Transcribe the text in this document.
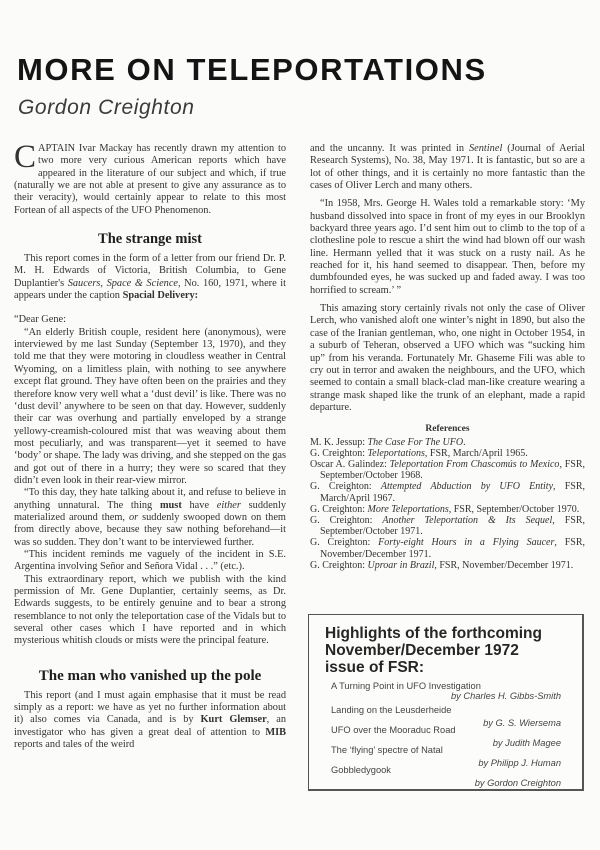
MORE ON TELEPORTATIONS
Gordon Creighton

CAPTAIN Ivar Mackay has recently drawn my attention to two more very curious American reports which have appeared in the literature of our subject and which, if true (naturally we are not able at present to give any assurance as to their veracity), would certainly appear to relate to this most Fortean of all aspects of the UFO Phenomenon.

The strange mist

This report comes in the form of a letter from our friend Dr. P. M. H. Edwards of Victoria, British Columbia, to Gene Duplantier's Saucers, Space & Science, No. 160, 1971, where it appears under the caption Spacial Delivery:

“Dear Gene:

“An elderly British couple, resident here (anonymous), were interviewed by me last Sunday (September 13, 1970), and they told me that they were motoring in cloudless weather in Central Wyoming, on a limitless plain, with nothing to see anywhere except flat ground. They have often been on the prairies and they therefore know very well what a ‘dust devil’ is like. There was no ‘dust devil’ anywhere to be seen on that day. However, suddenly their car was overhung and partially enveloped by a strange yellowy-creamish-coloured mist that was weaving about them most peculiarly, and was transparent—yet it seemed to have ‘body’ or shape. The lady was driving, and she stepped on the gas and got out of there in a hurry; they were so scared that they didn’t even look in their rear-view mirror.

“To this day, they hate talking about it, and refuse to believe in anything unnatural. The thing must have either suddenly materialized around them, or suddenly swooped down on them from directly above, because they saw nothing beforehand—it was so sudden. They don’t want to be interviewed further.

“This incident reminds me vaguely of the incident in S.E. Argentina involving Señor and Señora Vidal . . .” (etc.).

This extraordinary report, which we publish with the kind permission of Mr. Gene Duplantier, certainly seems, as Dr. Edwards suggests, to be entirely genuine and to bear a strong resemblance to not only the teleportation case of the Vidals but to several other cases which I have reported and in which mysterious whitish clouds or mists were the principal feature.

The man who vanished up the pole

This report (and I must again emphasise that it must be read simply as a report: we have as yet no further information about it) also comes via Canada, and is by Kurt Glemser, an investigator who has given a great deal of attention to MIB reports and tales of the weird

and the uncanny. It was printed in Sentinel (Journal of Aerial Research Systems), No. 38, May 1971. It is fantastic, but so are a lot of other things, and it is certainly no more fantastic than the cases of Oliver Lerch and many others.

“In 1958, Mrs. George H. Wales told a remarkable story: ‘My husband dissolved into space in front of my eyes in our Brooklyn backyard three years ago. I’d sent him out to climb to the top of a clothesline pole to rescue a shirt the wind had blown off our wash line. Hermann yelled that it was stuck on a rusty nail. As he reached for it, his hand seemed to disappear. Then, before my dumbfounded eyes, he was sucked up and faded away. I was too horrified to scream.’ ”

This amazing story certainly rivals not only the case of Oliver Lerch, who vanished aloft one winter’s night in 1890, but also the case of the Iranian gentleman, who, one night in October 1954, in a suburb of Teheran, observed a UFO which was “sucking him up” from his veranda. Fortunately Mr. Ghaseme Fili was able to cry out in terror and awaken the neighbours, and the UFO, which seemed to contain a small black-clad man-like creature wearing a strange mask shaped like the trunk of an elephant, made a rapid departure.

References

M. K. Jessup: The Case For The UFO.

G. Creighton: Teleportations, FSR, March/April 1965.

Oscar A. Galindez: Teleportation From Chascomús to Mexico, FSR, September/October 1968.

G. Creighton: Attempted Abduction by UFO Entity, FSR, March/April 1967.

G. Creighton: More Teleportations, FSR, September/October 1970.

G. Creighton: Another Teleportation & Its Sequel, FSR, September/October 1971.

G. Creighton: Forty-eight Hours in a Flying Saucer, FSR, November/December 1971.

G. Creighton: Uproar in Brazil, FSR, November/December 1971.

Highlights of the forthcoming
November/December 1972
issue of FSR:
A Turning Point in UFO Investigation
by Charles H. Gibbs-Smith
Landing on the Leusderheide
by G. S. Wiersema
UFO over the Mooraduc Road
by Judith Magee
The ‘flying’ spectre of Natal
by Philipp J. Human
Gobbledygook
by Gordon Creighton
